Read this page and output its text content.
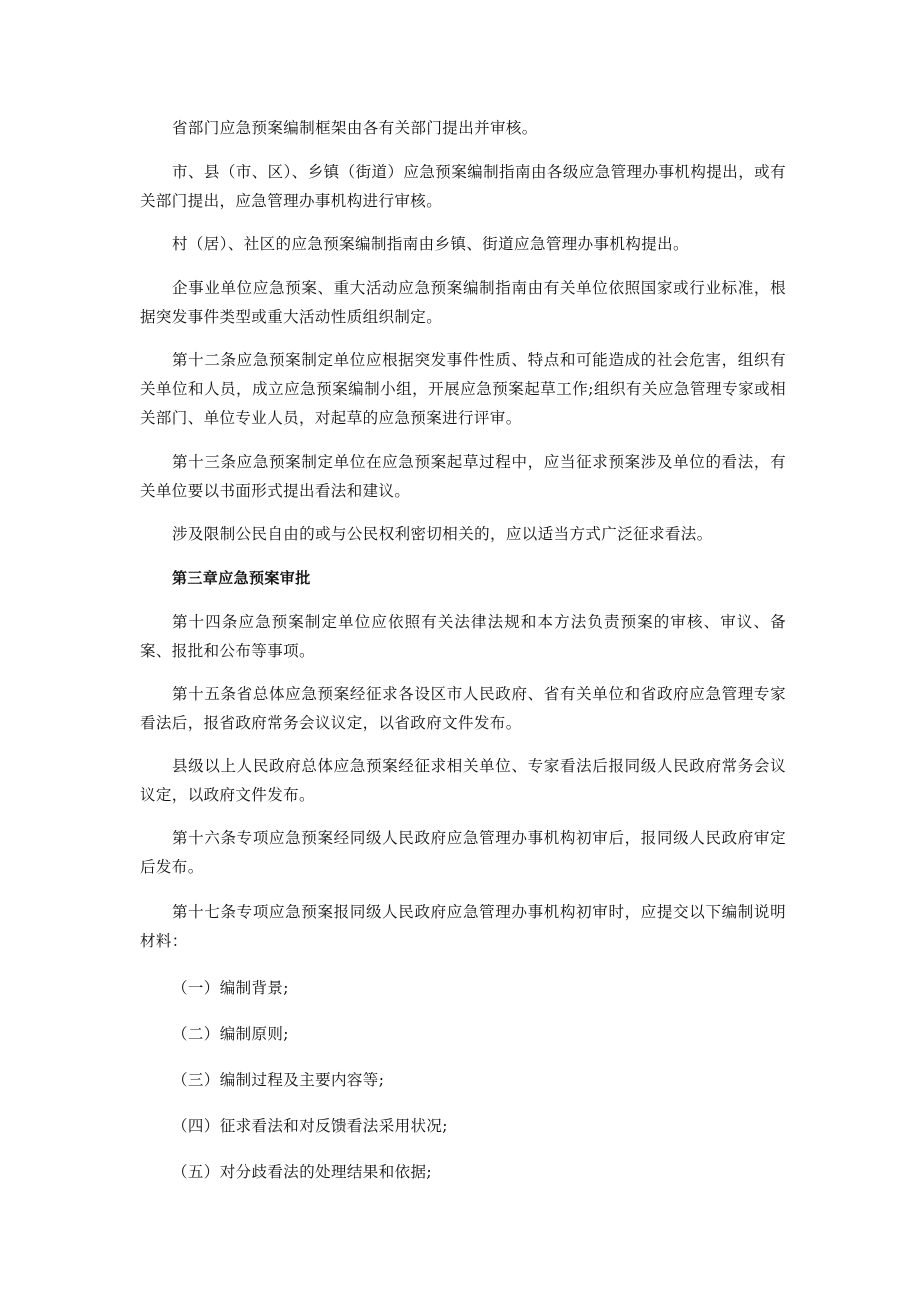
省部门应急预案编制框架由各有关部门提出并审核。

市、县（市、区）、乡镇（街道）应急预案编制指南由各级应急管理办事机构提出，或有关部门提出，应急管理办事机构进行审核。

村（居）、社区的应急预案编制指南由乡镇、街道应急管理办事机构提出。

企事业单位应急预案、重大活动应急预案编制指南由有关单位依照国家或行业标准，根据突发事件类型或重大活动性质组织制定。

第十二条应急预案制定单位应根据突发事件性质、特点和可能造成的社会危害，组织有关单位和人员，成立应急预案编制小组，开展应急预案起草工作;组织有关应急管理专家或相关部门、单位专业人员，对起草的应急预案进行评审。

第十三条应急预案制定单位在应急预案起草过程中，应当征求预案涉及单位的看法，有关单位要以书面形式提出看法和建议。

涉及限制公民自由的或与公民权利密切相关的，应以适当方式广泛征求看法。

第三章应急预案审批

第十四条应急预案制定单位应依照有关法律法规和本方法负责预案的审核、审议、备案、报批和公布等事项。

第十五条省总体应急预案经征求各设区市人民政府、省有关单位和省政府应急管理专家看法后，报省政府常务会议议定，以省政府文件发布。

县级以上人民政府总体应急预案经征求相关单位、专家看法后报同级人民政府常务会议议定，以政府文件发布。

第十六条专项应急预案经同级人民政府应急管理办事机构初审后，报同级人民政府审定后发布。

第十七条专项应急预案报同级人民政府应急管理办事机构初审时，应提交以下编制说明材料：

（一）编制背景;

（二）编制原则;

（三）编制过程及主要内容等;

（四）征求看法和对反馈看法采用状况;

（五）对分歧看法的处理结果和依据;
